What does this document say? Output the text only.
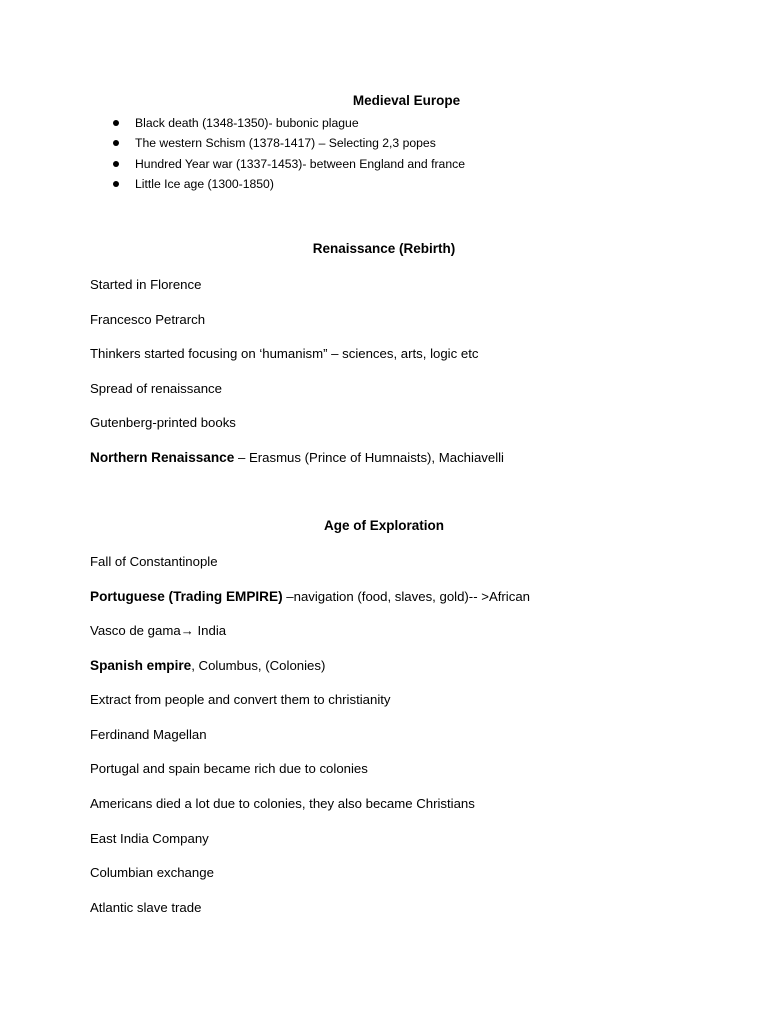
Medieval Europe
Black death (1348-1350)- bubonic plague
The western Schism (1378-1417) – Selecting 2,3 popes
Hundred Year war (1337-1453)- between England and france
Little Ice age (1300-1850)
Renaissance (Rebirth)
Started in Florence
Francesco Petrarch
Thinkers started focusing on ‘humanism” – sciences, arts, logic etc
Spread of renaissance
Gutenberg-printed books
Northern Renaissance – Erasmus (Prince of Humnaists), Machiavelli
Age of Exploration
Fall of Constantinople
Portuguese (Trading EMPIRE) –navigation (food, slaves, gold)-- >African
Vasco de gama→ India
Spanish empire, Columbus, (Colonies)
Extract from people and convert them to christianity
Ferdinand Magellan
Portugal and spain became rich due to colonies
Americans died a lot due to colonies, they also became Christians
East India Company
Columbian exchange
Atlantic slave trade
